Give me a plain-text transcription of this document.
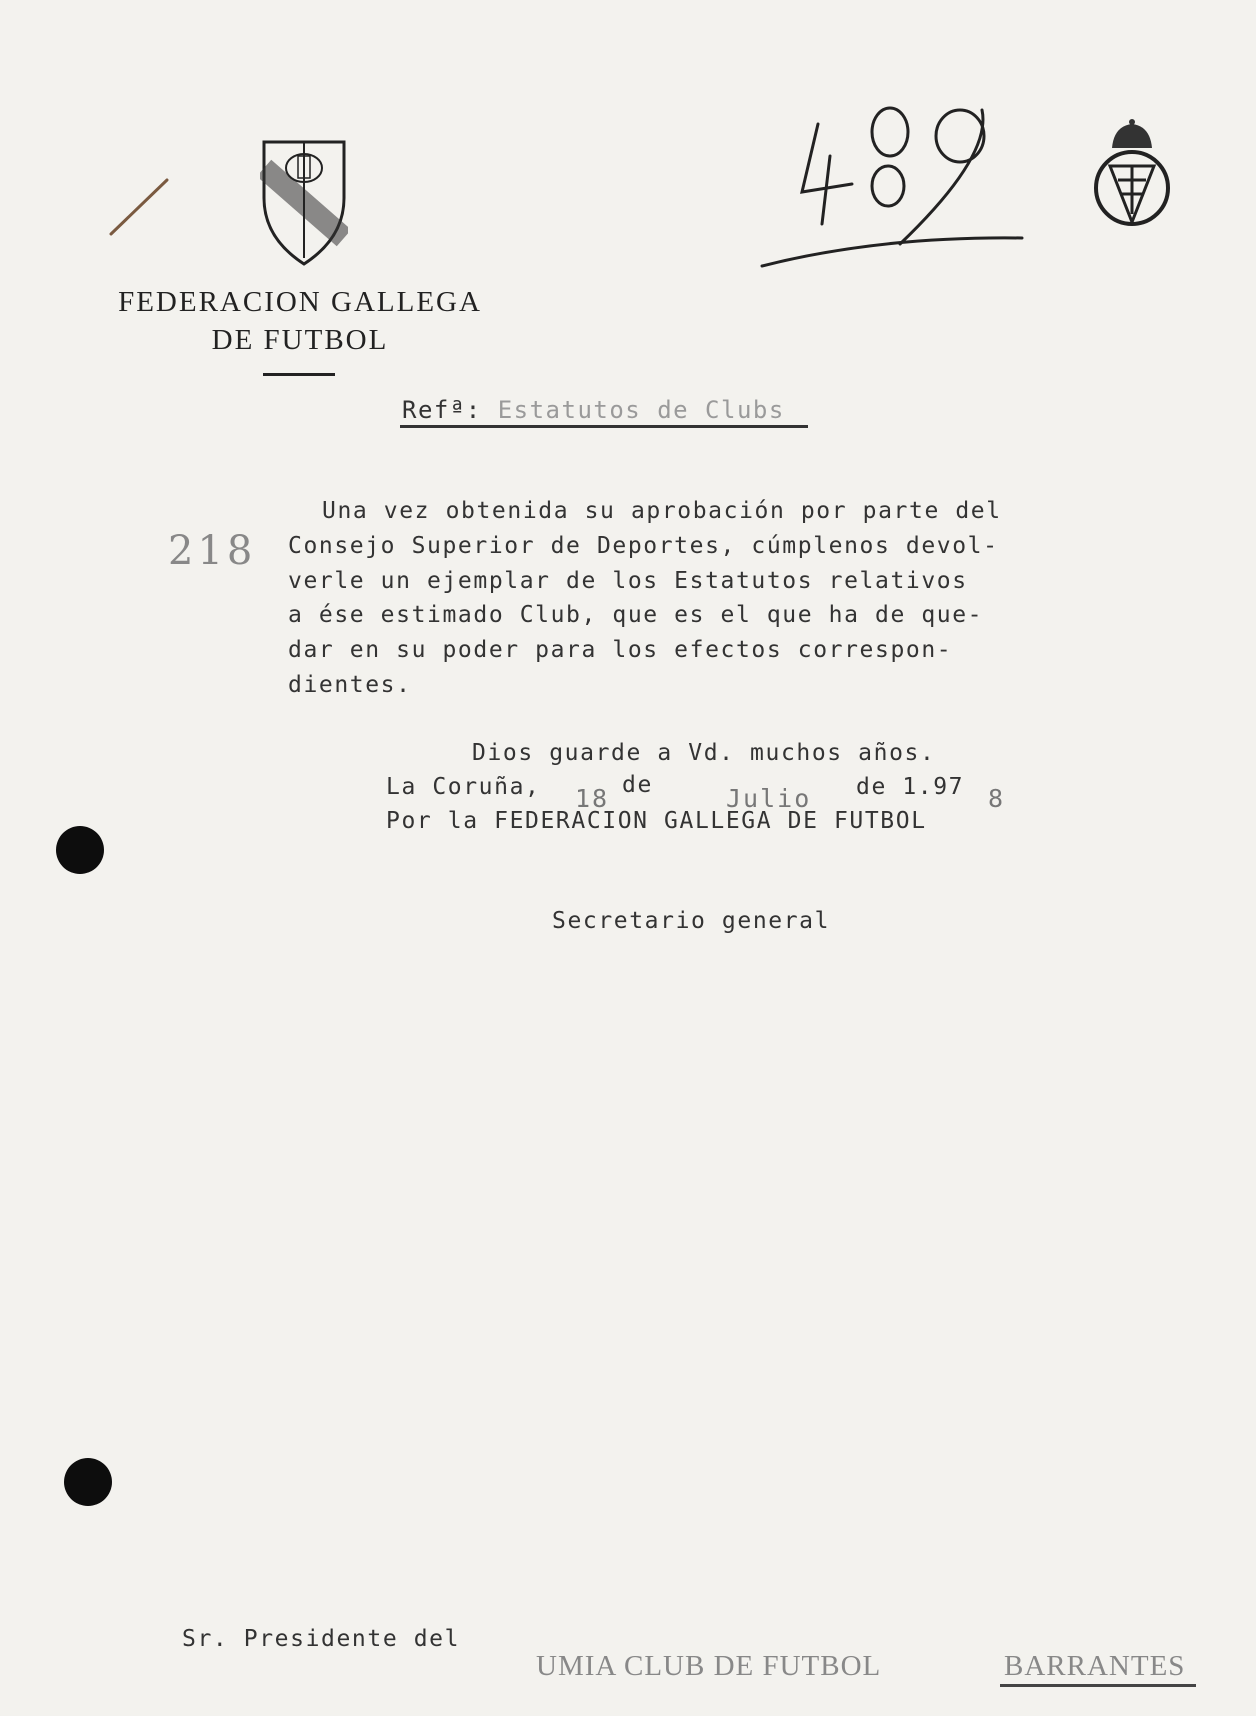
FEDERACION GALLEGA
DE FUTBOL
Refª: Estatutos de Clubs
218
Una vez obtenida su aprobación por parte del
Consejo Superior de Deportes, cúmplenos devol-
verle un ejemplar de los Estatutos relativos
a ése estimado Club, que es el que ha de que-
dar en su poder para los efectos correspon-
dientes.
Dios guarde a Vd. muchos años.
La Coruña, 18 de	Julio de 1.97 8
Por la FEDERACION GALLEGA DE FUTBOL
Secretario general
Sr. Presidente del
UMIA CLUB DE FUTBOL	BARRANTES
